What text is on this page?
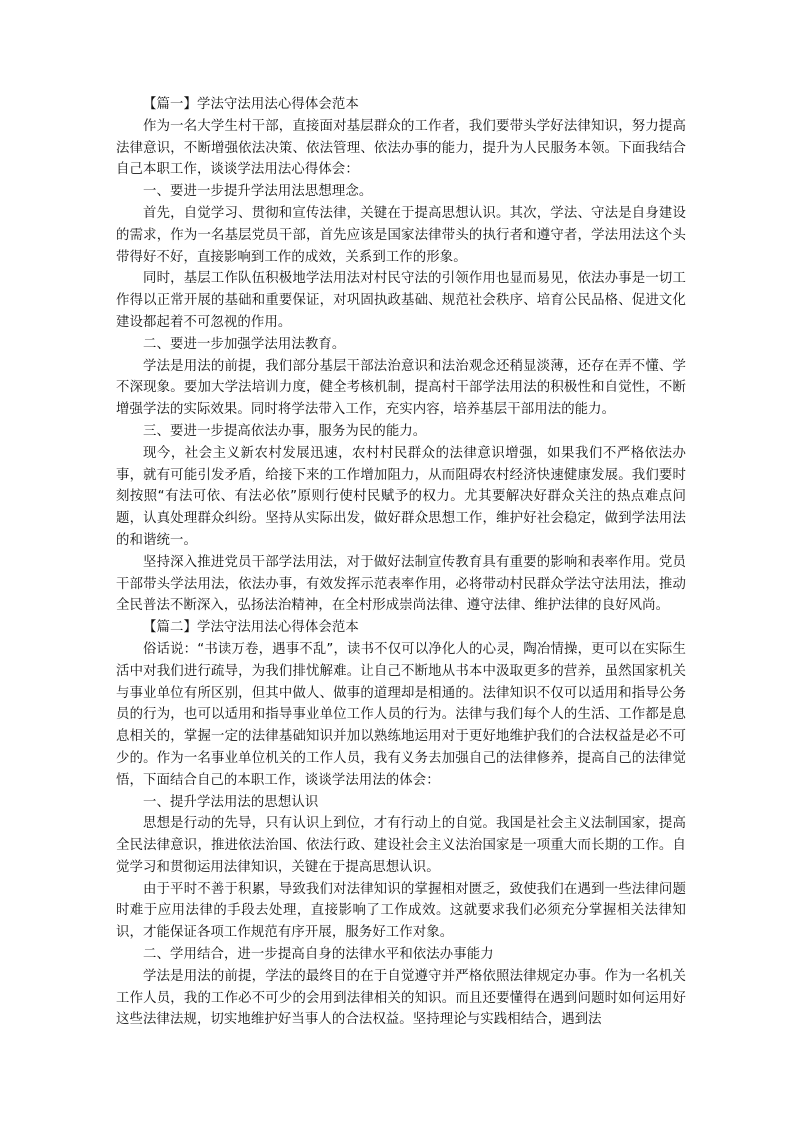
【篇一】学法守法用法心得体会范本

作为一名大学生村干部，直接面对基层群众的工作者，我们要带头学好法律知识，努力提高法律意识，不断增强依法决策、依法管理、依法办事的能力，提升为人民服务本领。下面我结合自己本职工作，谈谈学法用法心得体会：

一、要进一步提升学法用法思想理念。

首先，自觉学习、贯彻和宣传法律，关键在于提高思想认识。其次，学法、守法是自身建设的需求，作为一名基层党员干部，首先应该是国家法律带头的执行者和遵守者，学法用法这个头带得好不好，直接影响到工作的成效，关系到工作的形象。

同时，基层工作队伍积极地学法用法对村民守法的引领作用也显而易见，依法办事是一切工作得以正常开展的基础和重要保证，对巩固执政基础、规范社会秩序、培育公民品格、促进文化建设都起着不可忽视的作用。

二、要进一步加强学法用法教育。

学法是用法的前提，我们部分基层干部法治意识和法治观念还稍显淡薄，还存在弄不懂、学不深现象。要加大学法培训力度，健全考核机制，提高村干部学法用法的积极性和自觉性，不断增强学法的实际效果。同时将学法带入工作，充实内容，培养基层干部用法的能力。

三、要进一步提高依法办事，服务为民的能力。

现今，社会主义新农村发展迅速，农村村民群众的法律意识增强，如果我们不严格依法办事，就有可能引发矛盾，给接下来的工作增加阻力，从而阻碍农村经济快速健康发展。我们要时刻按照“有法可依、有法必依”原则行使村民赋予的权力。尤其要解决好群众关注的热点难点问题，认真处理群众纠纷。坚持从实际出发，做好群众思想工作，维护好社会稳定，做到学法用法的和谐统一。

坚持深入推进党员干部学法用法，对于做好法制宣传教育具有重要的影响和表率作用。党员干部带头学法用法，依法办事，有效发挥示范表率作用，必将带动村民群众学法守法用法，推动全民普法不断深入，弘扬法治精神，在全村形成崇尚法律、遵守法律、维护法律的良好风尚。

【篇二】学法守法用法心得体会范本

俗话说：“书读万卷，遇事不乱”，读书不仅可以净化人的心灵，陶冶情操，更可以在实际生活中对我们进行疏导，为我们排忧解难。让自己不断地从书本中汲取更多的营养，虽然国家机关与事业单位有所区别，但其中做人、做事的道理却是相通的。法律知识不仅可以适用和指导公务员的行为，也可以适用和指导事业单位工作人员的行为。法律与我们每个人的生活、工作都是息息相关的，掌握一定的法律基础知识并加以熟练地运用对于更好地维护我们的合法权益是必不可少的。作为一名事业单位机关的工作人员，我有义务去加强自己的法律修养，提高自己的法律觉悟，下面结合自己的本职工作，谈谈学法用法的体会：

一、提升学法用法的思想认识

思想是行动的先导，只有认识上到位，才有行动上的自觉。我国是社会主义法制国家，提高全民法律意识，推进依法治国、依法行政、建设社会主义法治国家是一项重大而长期的工作。自觉学习和贯彻运用法律知识，关键在于提高思想认识。

由于平时不善于积累，导致我们对法律知识的掌握相对匮乏，致使我们在遇到一些法律问题时难于应用法律的手段去处理，直接影响了工作成效。这就要求我们必须充分掌握相关法律知识，才能保证各项工作规范有序开展，服务好工作对象。

二、学用结合，进一步提高自身的法律水平和依法办事能力

学法是用法的前提，学法的最终目的在于自觉遵守并严格依照法律规定办事。作为一名机关工作人员，我的工作必不可少的会用到法律相关的知识。而且还要懂得在遇到问题时如何运用好这些法律法规，切实地维护好当事人的合法权益。坚持理论与实践相结合，遇到法
